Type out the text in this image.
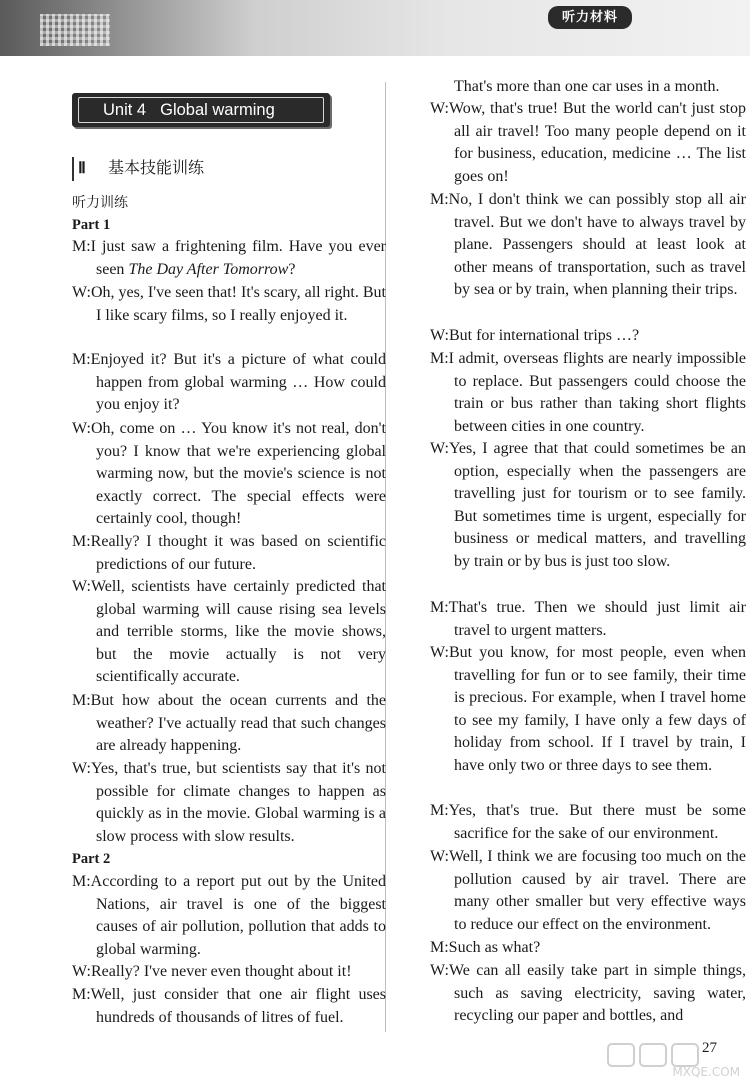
听力材料
Unit 4 Global warming
Ⅱ 基本技能训练
听力训练
Part 1
M:I just saw a frightening film. Have you ever seen The Day After Tomorrow?
W:Oh, yes, I've seen that! It's scary, all right. But I like scary films, so I really enjoyed it.
M:Enjoyed it? But it's a picture of what could happen from global warming … How could you enjoy it?
W:Oh, come on … You know it's not real, don't you? I know that we're experiencing global warming now, but the movie's science is not exactly correct. The special effects were certainly cool, though!
M:Really? I thought it was based on scientific predictions of our future.
W:Well, scientists have certainly predicted that global warming will cause rising sea levels and terrible storms, like the movie shows, but the movie actually is not very scientifically accurate.
M:But how about the ocean currents and the weather? I've actually read that such changes are already happening.
W:Yes, that's true, but scientists say that it's not possible for climate changes to happen as quickly as in the movie. Global warming is a slow process with slow results.
Part 2
M:According to a report put out by the United Nations, air travel is one of the biggest causes of air pollution, pollution that adds to global warming.
W:Really? I've never even thought about it!
M:Well, just consider that one air flight uses hundreds of thousands of litres of fuel.
That's more than one car uses in a month.
W:Wow, that's true! But the world can't just stop all air travel! Too many people depend on it for business, education, medicine … The list goes on!
M:No, I don't think we can possibly stop all air travel. But we don't have to always travel by plane. Passengers should at least look at other means of transportation, such as travel by sea or by train, when planning their trips.
W:But for international trips …?
M:I admit, overseas flights are nearly impossible to replace. But passengers could choose the train or bus rather than taking short flights between cities in one country.
W:Yes, I agree that that could sometimes be an option, especially when the passengers are travelling just for tourism or to see family. But sometimes time is urgent, especially for business or medical matters, and travelling by train or by bus is just too slow.
M:That's true. Then we should just limit air travel to urgent matters.
W:But you know, for most people, even when travelling for fun or to see family, their time is precious. For example, when I travel home to see my family, I have only a few days of holiday from school. If I travel by train, I have only two or three days to see them.
M:Yes, that's true. But there must be some sacrifice for the sake of our environment.
W:Well, I think we are focusing too much on the pollution caused by air travel. There are many other smaller but very effective ways to reduce our effect on the environment.
M:Such as what?
W:We can all easily take part in simple things, such as saving electricity, saving water, recycling our paper and bottles, and
MXQE.COM
27
